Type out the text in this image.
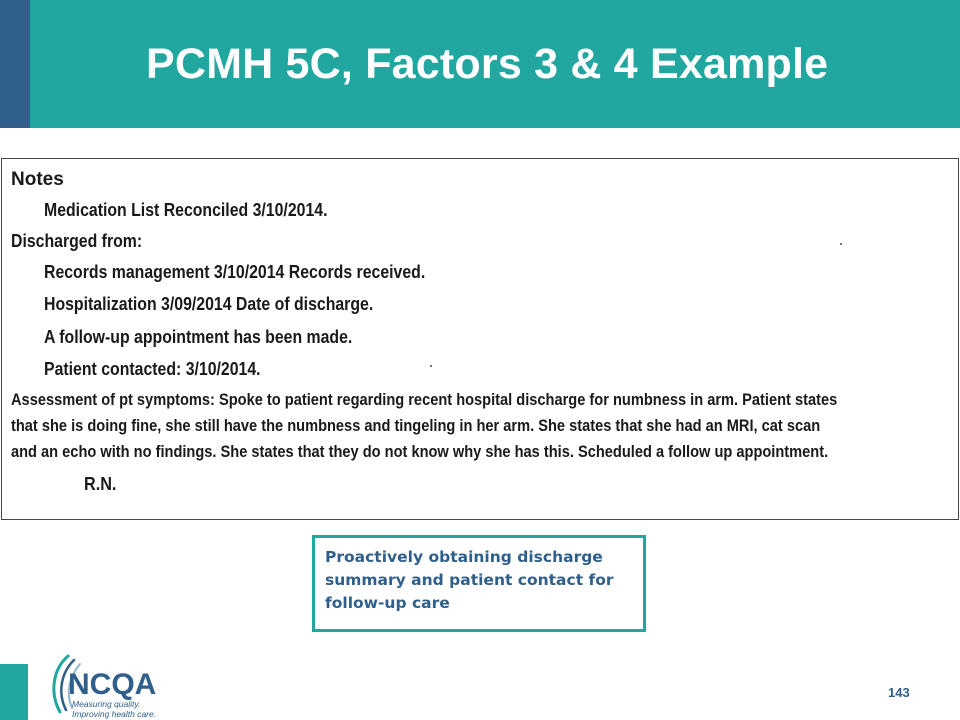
PCMH 5C, Factors 3 & 4 Example
Notes
Medication List Reconciled 3/10/2014.
Discharged from:
Records management 3/10/2014 Records received.
Hospitalization 3/09/2014 Date of discharge.
A follow-up appointment has been made.
Patient contacted: 3/10/2014.
Assessment of pt symptoms: Spoke to patient regarding recent hospital discharge for numbness in arm. Patient states
that she is doing fine, she still have the numbness and tingeling in her arm. She states that she had an MRI, cat scan
and an echo with no findings. She states that they do not know why she has this. Scheduled a follow up appointment.
R.N.
Proactively obtaining discharge summary and patient contact for follow-up care
NCQA
Measuring quality.
Improving health care.
143
